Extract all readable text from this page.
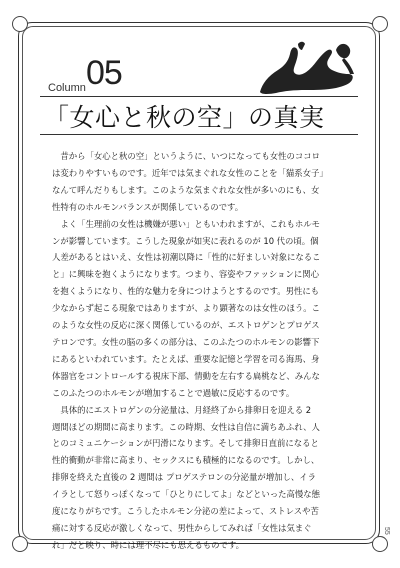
Column 05
「女心と秋の空」の真実

　昔から「女心と秋の空」というように、いつになっても女性のココロ
は変わりやすいものです。近年では気まぐれな女性のことを「猫系女子」
なんて呼んだりもします。このような気まぐれな女性が多いのにも、女
性特有のホルモンバランスが関係しているのです。

　よく「生理前の女性は機嫌が悪い」ともいわれますが、これもホルモ
ンが影響しています。こうした現象が如実に表れるのが 10 代の頃。個
人差があるとはいえ、女性は初潮以降に「性的に好ましい対象になるこ
と」に興味を抱くようになります。つまり、容姿やファッションに関心
を抱くようになり、性的な魅力を身につけようとするのです。男性にも
少なからず起こる現象ではありますが、より顕著なのは女性のほう。こ
のような女性の反応に深く関係しているのが、エストロゲンとプロゲス
テロンです。女性の脳の多くの部分は、このふたつのホルモンの影響下
にあるといわれています。たとえば、重要な記憶と学習を司る海馬、身
体器官をコントロールする視床下部、情動を左右する扁桃など、みんな
このふたつのホルモンが増加することで過敏に反応するのです。

　具体的にエストロゲンの分泌量は、月経終了から排卵日を迎える 2
週間ほどの期間に高まります。この時期、女性は自信に満ちあふれ、人
とのコミュニケーションが円滑になります。そして排卵日直前になると
性的衝動が非常に高まり、セックスにも積極的になるのです。しかし、
排卵を終えた直後の 2 週間は プロゲステロンの分泌量が増加し、イラ
イラとして怒りっぽくなって「ひとりにしてよ」などといった高慢な態
度になりがちです。こうしたホルモン分泌の差によって、ストレスや苦
痛に対する反応が激しくなって、男性からしてみれば「女性は気まぐ
れ」だと映り、時には理不尽にも思えるものです。

55
